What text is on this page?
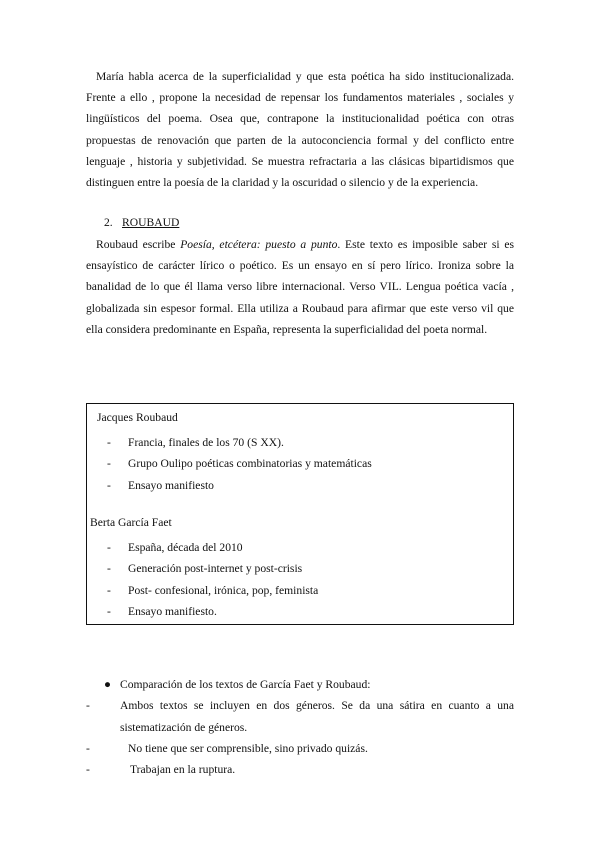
María habla acerca de la superficialidad y que esta poética ha sido institucionalizada. Frente a ello , propone la necesidad de repensar los fundamentos materiales , sociales y lingüísticos del poema. Osea que, contrapone la institucionalidad poética con otras propuestas de renovación que parten de la autoconciencia formal y del conflicto entre lenguaje , historia y subjetividad. Se muestra refractaria a las clásicas bipartidismos que distinguen entre la poesía de la claridad y la oscuridad o silencio y de la experiencia.

2. ROUBAUD

Roubaud escribe Poesía, etcétera: puesto a punto. Este texto es imposible saber si es ensayístico de carácter lírico o poético. Es un ensayo en sí pero lírico. Ironiza sobre la banalidad de lo que él llama verso libre internacional. Verso VIL. Lengua poética vacía , globalizada sin espesor formal. Ella utiliza a Roubaud para afirmar que este verso vil que ella considera predominante en España, representa la superficialidad del poeta normal.

Jacques Roubaud

- Francia, finales de los 70 (S XX).
- Grupo Oulipo poéticas combinatorias y matemáticas
- Ensayo manifiesto

Berta García Faet

- España, década del 2010
- Generación post-internet y post-crisis
- Post- confesional, irónica, pop, feminista
- Ensayo manifiesto.
● Comparación de los textos de García Faet y Roubaud:
-	Ambos textos se incluyen en dos géneros. Se da una sátira en cuanto a una sistematización de géneros.
-	No tiene que ser comprensible, sino privado quizás.
-	Trabajan en la ruptura.
